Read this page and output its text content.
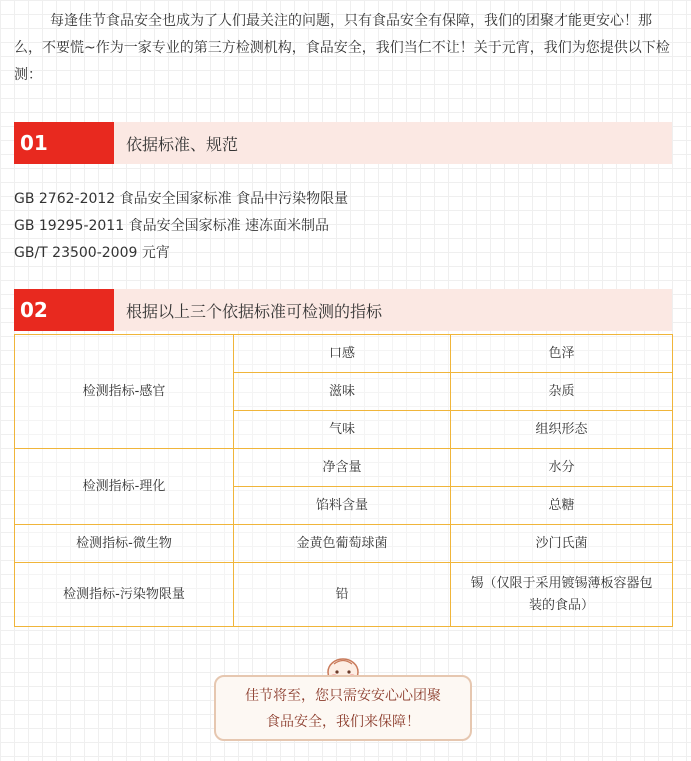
每逢佳节食品安全也成为了人们最关注的问题，只有食品安全有保障，我们的团聚才能更安心！那么，不要慌~作为一家专业的第三方检测机构，食品安全，我们当仁不让！关于元宵，我们为您提供以下检测：

01	依据标准、规范
GB 2762-2012 食品安全国家标准 食品中污染物限量
GB 19295-2011 食品安全国家标准 速冻面米制品
GB/T 23500-2009 元宵
02	根据以上三个依据标准可检测的指标
检测指标-感官	口感	色泽
	滋味	杂质
	气味	组织形态
检测指标-理化	净含量	水分
	馅料含量	总糖
检测指标-微生物	金黄色葡萄球菌	沙门氏菌
检测指标-污染物限量	铅	锡（仅限于采用镀锡薄板容器包装的食品）
佳节将至，您只需安安心心团聚
食品安全，我们来保障！
